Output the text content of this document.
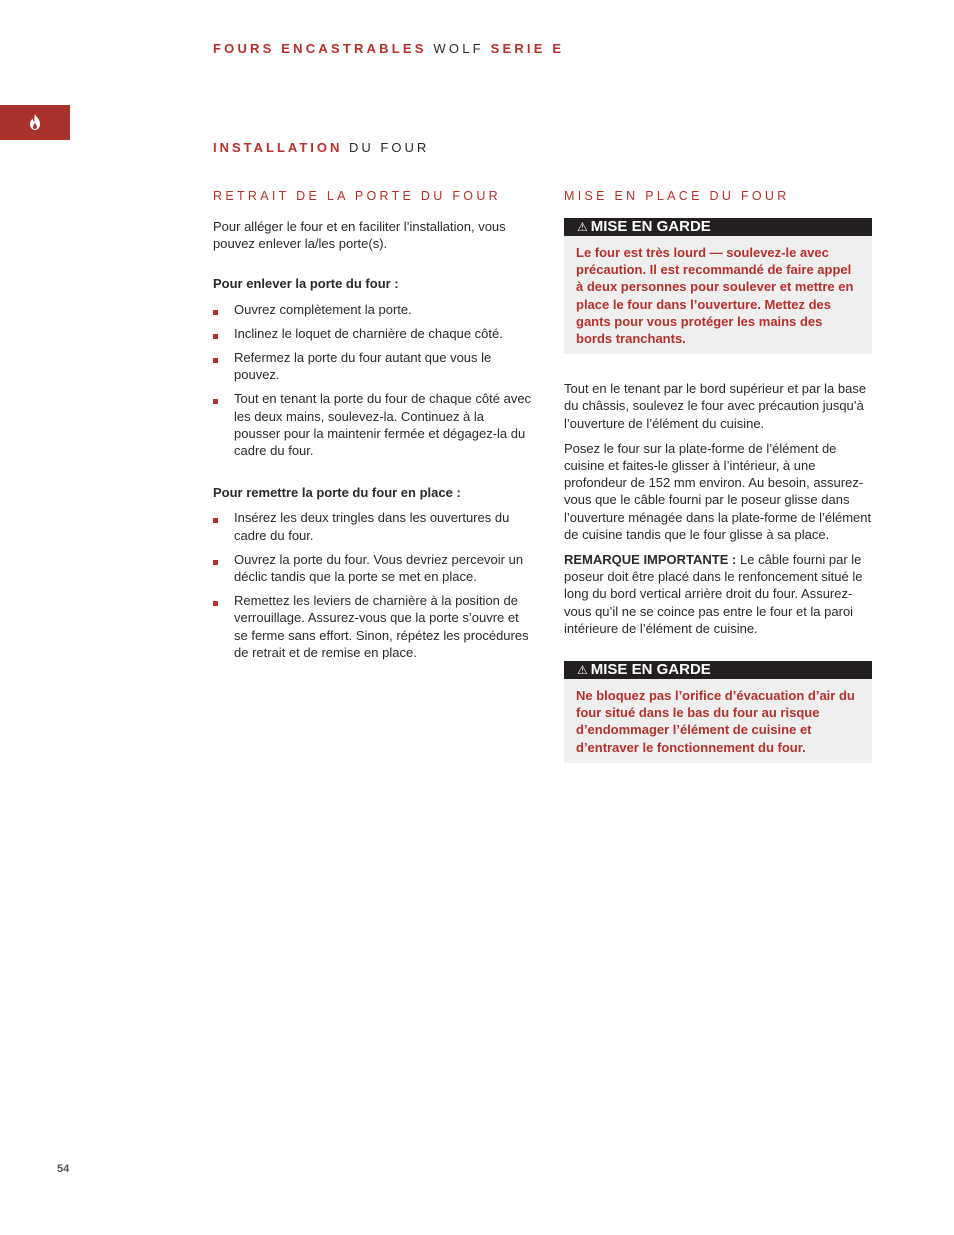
FOURS ENCASTRABLES WOLF SERIE E
INSTALLATION DU FOUR
RETRAIT DE LA PORTE DU FOUR

Pour alléger le four et en faciliter l’installation, vous pouvez enlever la/les porte(s).

Pour enlever la porte du four :

Ouvrez complètement la porte.
Inclinez le loquet de charnière de chaque côté.
Refermez la porte du four autant que vous le pouvez.
Tout en tenant la porte du four de chaque côté avec les deux mains, soulevez-la. Continuez à la pousser pour la maintenir fermée et dégagez-la du cadre du four.

Pour remettre la porte du four en place :

Insérez les deux tringles dans les ouvertures du cadre du four.
Ouvrez la porte du four. Vous devriez percevoir un déclic tandis que la porte se met en place.
Remettez les leviers de charnière à la position de verrouillage. Assurez-vous que la porte s’ouvre et se ferme sans effort. Sinon, répétez les procédures de retrait et de remise en place.
MISE EN PLACE DU FOUR
⚠ MISE EN GARDE
Le four est très lourd — soulevez-le avec précaution. Il est recommandé de faire appel à deux personnes pour soulever et mettre en place le four dans l’ouverture. Mettez des gants pour vous protéger les mains des bords tranchants.

Tout en le tenant par le bord supérieur et par la base du châssis, soulevez le four avec précaution jusqu’à l’ouverture de l’élément du cuisine.

Posez le four sur la plate-forme de l’élément de cuisine et faites-le glisser à l’intérieur, à une profondeur de 152 mm environ. Au besoin, assurez-vous que le câble fourni par le poseur glisse dans l’ouverture ménagée dans la plate-forme de l’élément de cuisine tandis que le four glisse à sa place.

REMARQUE IMPORTANTE : Le câble fourni par le poseur doit être placé dans le renfoncement situé le long du bord vertical arrière droit du four. Assurez-vous qu’il ne se coince pas entre le four et la paroi intérieure de l’élément de cuisine.

⚠ MISE EN GARDE
Ne bloquez pas l’orifice d’évacuation d’air du four situé dans le bas du four au risque d’endommager l’élément de cuisine et d’entraver le fonctionnement du four.
54
